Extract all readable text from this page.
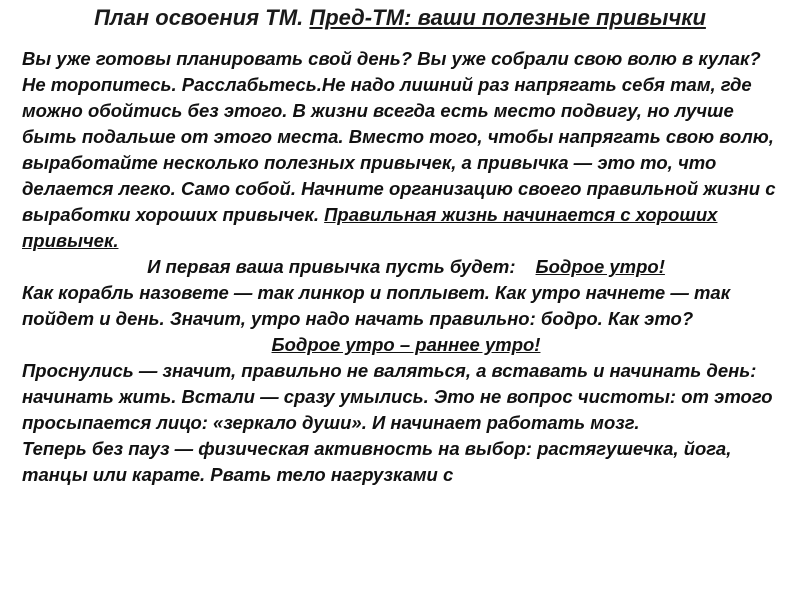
План освоения ТМ. Пред-ТМ: ваши полезные привычки

Вы уже готовы планировать свой день? Вы уже собрали свою волю в кулак?

Не торопитесь. Расслабьтесь.Не надо лишний раз напрягать себя там, где можно обойтись без этого. В жизни всегда есть место подвигу, но лучше быть подальше от этого места. Вместо того, чтобы напрягать свою волю, выработайте несколько полезных привычек, а привычка — это то, что делается легко. Само собой. Начните организацию своего правильной жизни с выработки хороших привычек. Правильная жизнь начинается с хороших привычек.

И первая ваша привычка пусть будет: Бодрое утро!

Как корабль назовете — так линкор и поплывет. Как утро начнете — так пойдет и день. Значит, утро надо начать правильно: бодро. Как это?

Бодрое утро – раннее утро!

Проснулись — значит, правильно не валяться, а вставать и начинать день: начинать жить. Встали — сразу умылись. Это не вопрос чистоты: от этого просыпается лицо: «зеркало души». И начинает работать мозг.

Теперь без пауз — физическая активность на выбор: растягушечка, йога, танцы или карате. Рвать тело нагрузками с
